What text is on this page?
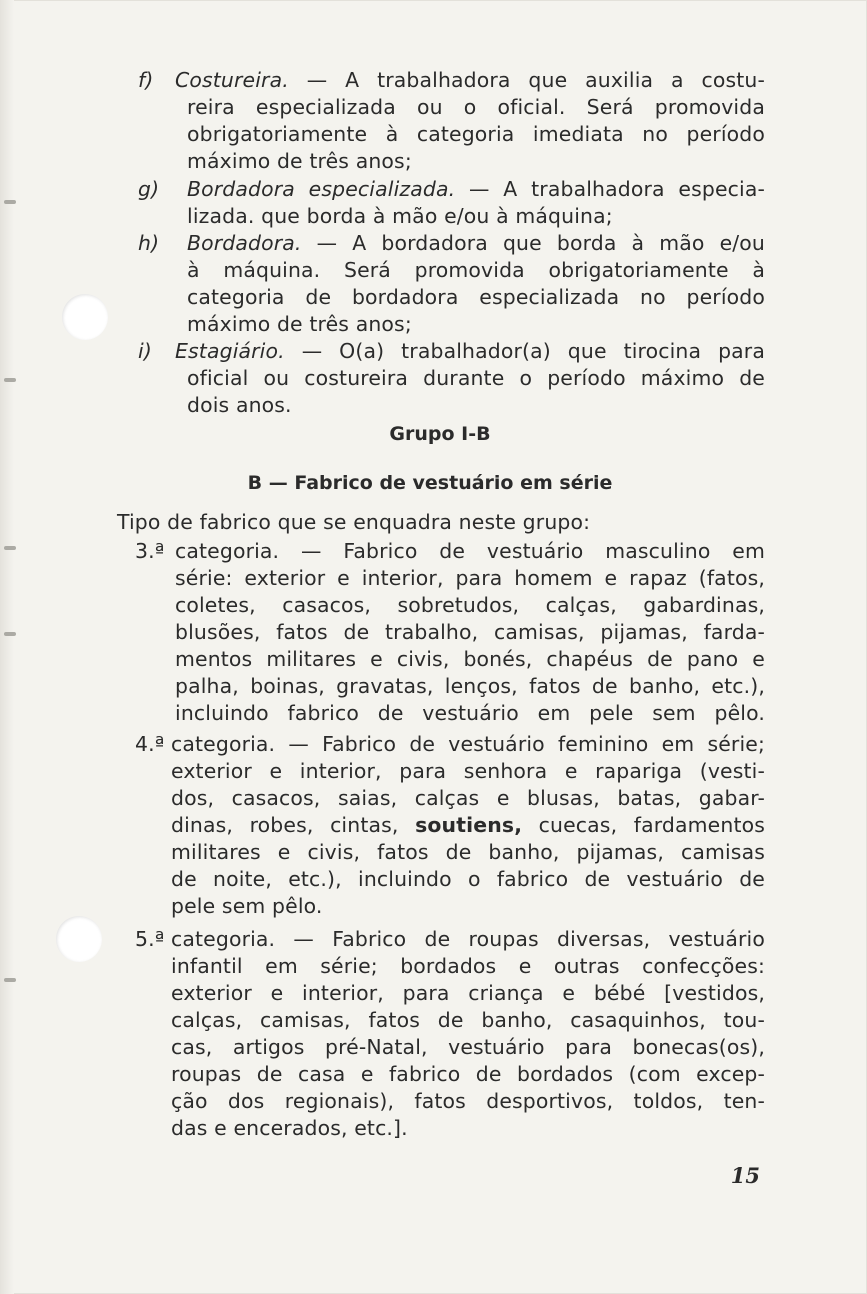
f)	Costureira. — A trabalhadora que auxilia a costu-

reira especializada ou o oficial. Será promovida

obrigatoriamente à categoria imediata no período

máximo de três anos;

g)	Bordadora especializada. — A trabalhadora especia-

lizada. que borda à mão e/ou à máquina;

h)	Bordadora. — A bordadora que borda à mão e/ou

à máquina. Será promovida obrigatoriamente à

categoria de bordadora especializada no período

máximo de três anos;

i)	Estagiário. — O(a) trabalhador(a) que tirocina para

oficial ou costureira durante o período máximo de

dois anos.

Grupo I-B

B — Fabrico de vestuário em série

Tipo de fabrico que se enquadra neste grupo:

3.ª categoria. — Fabrico de vestuário masculino em

série: exterior e interior, para homem e rapaz (fatos,

coletes, casacos, sobretudos, calças, gabardinas,

blusões, fatos de trabalho, camisas, pijamas, farda-

mentos militares e civis, bonés, chapéus de pano e

palha, boinas, gravatas, lenços, fatos de banho, etc.),

incluindo fabrico de vestuário em pele sem pêlo.

4.ª categoria. — Fabrico de vestuário feminino em série;

exterior e interior, para senhora e rapariga (vesti-

dos, casacos, saias, calças e blusas, batas, gabar-

dinas, robes, cintas, soutiens, cuecas, fardamentos

militares e civis, fatos de banho, pijamas, camisas

de noite, etc.), incluindo o fabrico de vestuário de

pele sem pêlo.

5.ª categoria. — Fabrico de roupas diversas, vestuário

infantil em série; bordados e outras confecções:

exterior e interior, para criança e bébé [vestidos,

calças, camisas, fatos de banho, casaquinhos, tou-

cas, artigos pré-Natal, vestuário para bonecas(os),

roupas de casa e fabrico de bordados (com excep-

ção dos regionais), fatos desportivos, toldos, ten-

das e encerados, etc.].

15
